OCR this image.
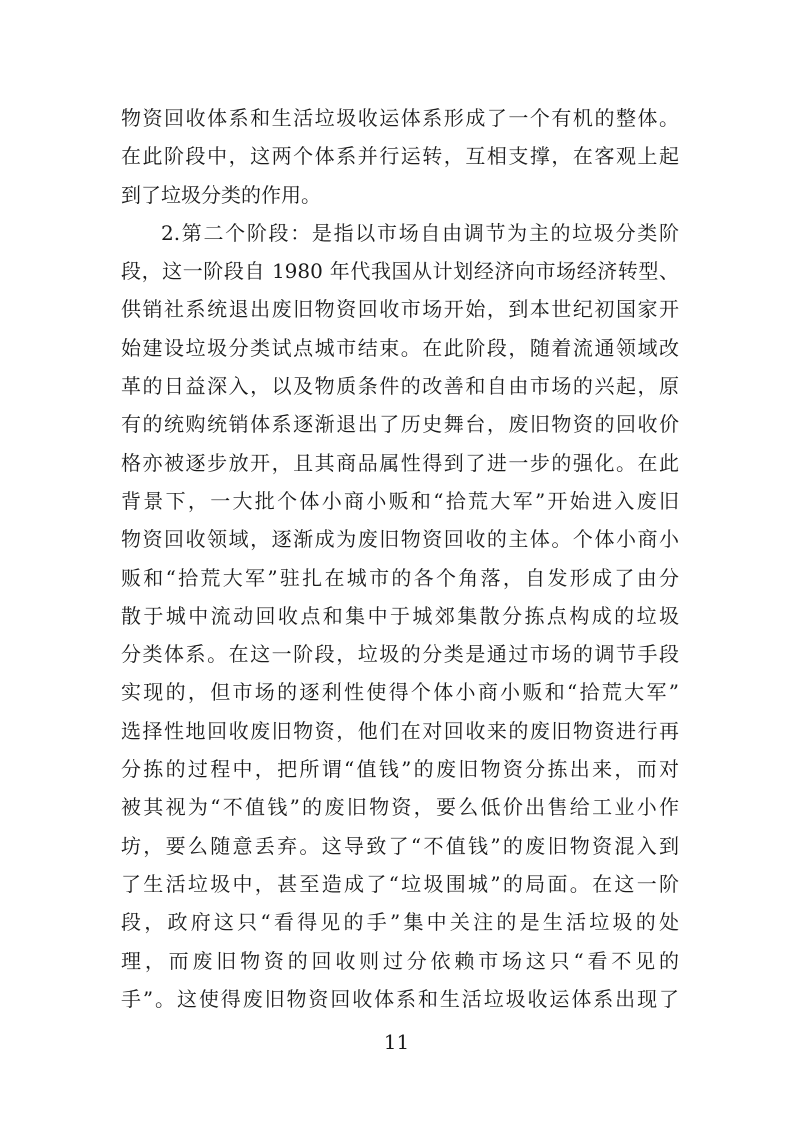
物资回收体系和生活垃圾收运体系形成了一个有机的整体。
在此阶段中，这两个体系并行运转，互相支撑，在客观上起
到了垃圾分类的作用。
2.第二个阶段：是指以市场自由调节为主的垃圾分类阶
段，这一阶段自 1980 年代我国从计划经济向市场经济转型、
供销社系统退出废旧物资回收市场开始，到本世纪初国家开
始建设垃圾分类试点城市结束。在此阶段，随着流通领域改
革的日益深入，以及物质条件的改善和自由市场的兴起，原
有的统购统销体系逐渐退出了历史舞台，废旧物资的回收价
格亦被逐步放开，且其商品属性得到了进一步的强化。在此
背景下，一大批个体小商小贩和“拾荒大军”开始进入废旧
物资回收领域，逐渐成为废旧物资回收的主体。个体小商小
贩和“拾荒大军”驻扎在城市的各个角落，自发形成了由分
散于城中流动回收点和集中于城郊集散分拣点构成的垃圾
分类体系。在这一阶段，垃圾的分类是通过市场的调节手段
实现的，但市场的逐利性使得个体小商小贩和“拾荒大军”
选择性地回收废旧物资，他们在对回收来的废旧物资进行再
分拣的过程中，把所谓“值钱”的废旧物资分拣出来，而对
被其视为“不值钱”的废旧物资，要么低价出售给工业小作
坊，要么随意丢弃。这导致了“不值钱”的废旧物资混入到
了生活垃圾中，甚至造成了“垃圾围城”的局面。在这一阶
段，政府这只“看得见的手”集中关注的是生活垃圾的处
理，而废旧物资的回收则过分依赖市场这只“看不见的
手”。这使得废旧物资回收体系和生活垃圾收运体系出现了
11
